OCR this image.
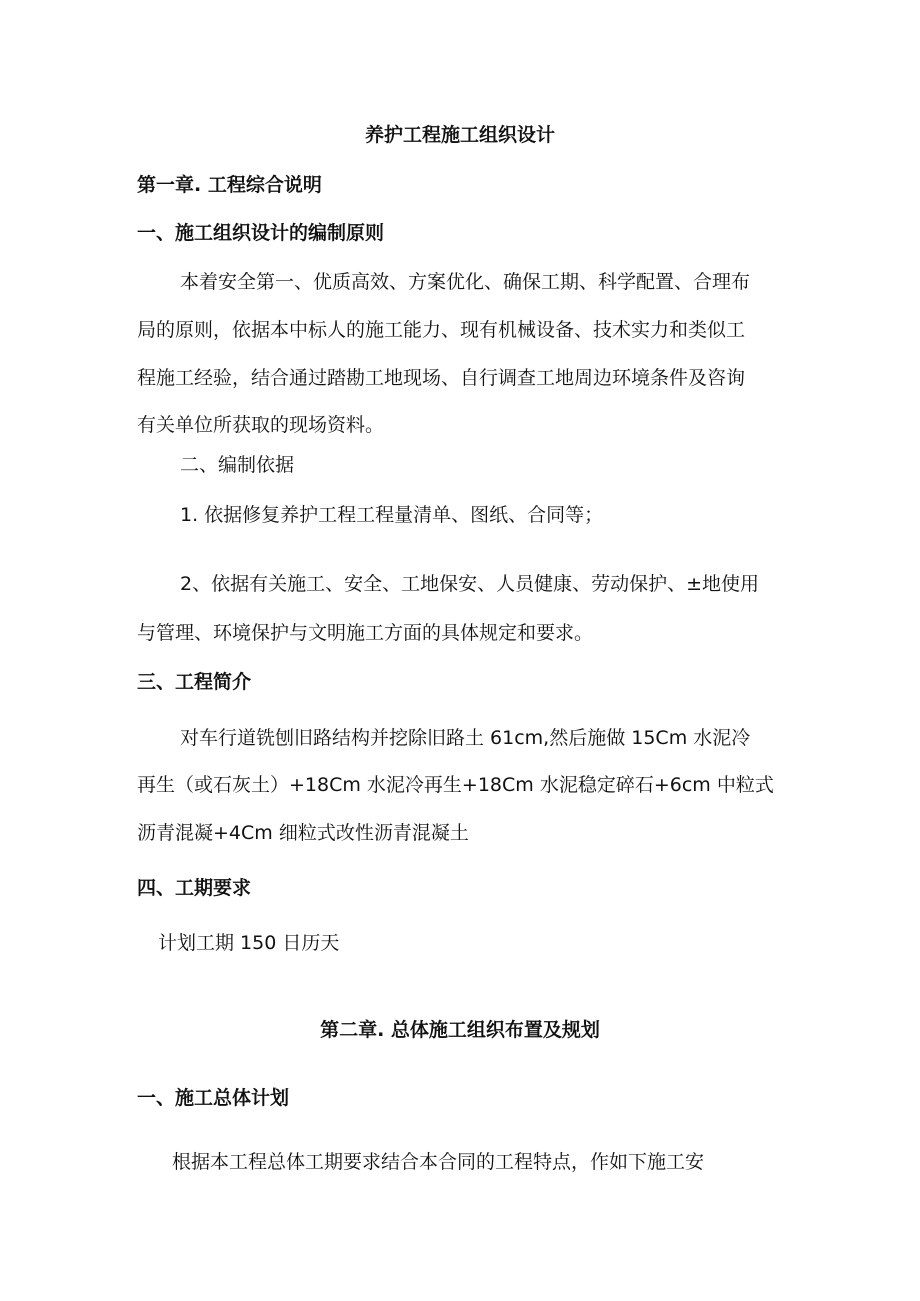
养护工程施工组织设计
第一章. 工程综合说明
一、施工组织设计的编制原则
本着安全第一、优质高效、方案优化、确保工期、科学配置、合理布
局的原则，依据本中标人的施工能力、现有机械设备、技术实力和类似工
程施工经验，结合通过踏勘工地现场、自行调查工地周边环境条件及咨询
有关单位所获取的现场资料。
二、编制依据
1. 依据修复养护工程工程量清单、图纸、合同等；
2、依据有关施工、安全、工地保安、人员健康、劳动保护、±地使用
与管理、环境保护与文明施工方面的具体规定和要求。
三、工程简介
对车行道铣刨旧路结构并挖除旧路土 61cm,然后施做 15Cm 水泥冷
再生（或石灰土）+18Cm 水泥冷再生+18Cm 水泥稳定碎石+6cm 中粒式
沥青混凝+4Cm 细粒式改性沥青混凝土
四、工期要求
计划工期 150 日历天
第二章. 总体施工组织布置及规划
一、施工总体计划
根据本工程总体工期要求结合本合同的工程特点，作如下施工安
